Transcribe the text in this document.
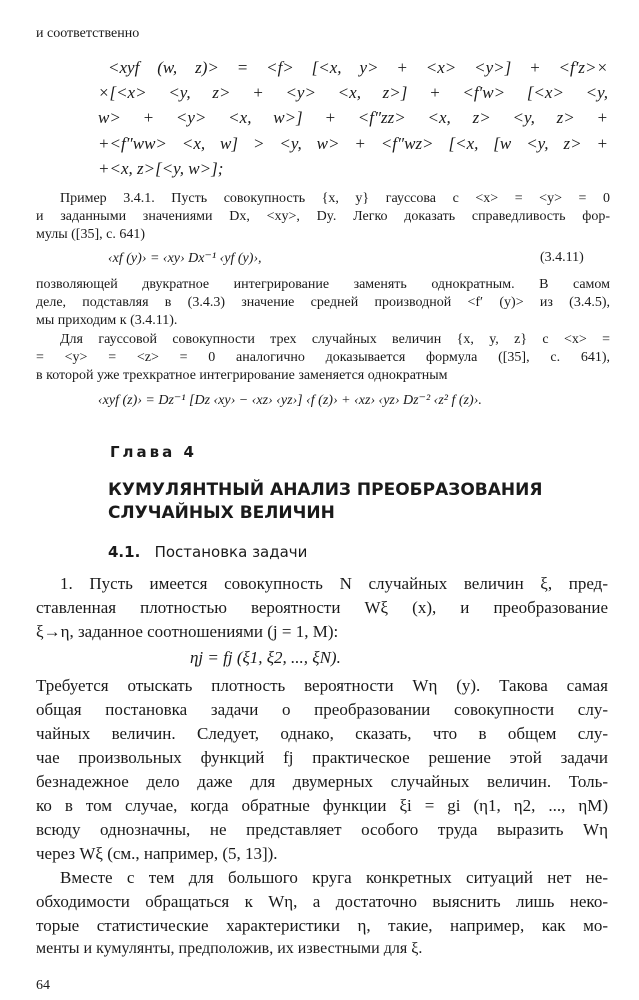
и соответственно
<xyf (w, z)> = <f> [<x, y> + <x> <y>] + <f′z>×
×[<x> <y, z> + <y> <x, z>] + <f′w> [<x> <y,
w> + <y> <x, w>] + <f″zz> <x, z> <y, z> +
+<f″ww> <x, w] > <y, w> + <f″wz> [<x, [w <y, z> +
+<x, z>[<y, w>];
Пример 3.4.1. Пусть совокупность {x, y} гауссова с <x> = <y> = 0
и заданными значениями Dx, <xy>, Dy. Легко доказать справедливость фор-
мулы ([35], с. 641)
‹xf (y)› = ‹xy› Dx⁻¹ ‹yf (y)›,	(3.4.11)
позволяющей двукратное интегрирование заменять однократным. В самом
деле, подставляя в (3.4.3) значение средней производной <f′ (y)> из (3.4.5),
мы приходим к (3.4.11).
Для гауссовой совокупности трех случайных величин {x, y, z} с <x> =
= <y> = <z> = 0 аналогично доказывается формула ([35], с. 641),
в которой уже трехкратное интегрирование заменяется однократным
‹xyf (z)› = Dz⁻¹ [Dz ‹xy› − ‹xz› ‹yz›] ‹f (z)› + ‹xz› ‹yz› Dz⁻² ‹z² f (z)›.
Глава 4
КУМУЛЯНТНЫЙ АНАЛИЗ ПРЕОБРАЗОВАНИЯ
СЛУЧАЙНЫХ ВЕЛИЧИН
4.1. Постановка задачи
1. Пусть имеется совокупность N случайных величин ξ, пред-
ставленная плотностью вероятности Wξ (x), и преобразование
ξ→η, заданное соотношениями (j = 1, M):
ηj = fj (ξ1, ξ2, ..., ξN).
Требуется отыскать плотность вероятности Wη (y). Такова самая
общая постановка задачи о преобразовании совокупности слу-
чайных величин. Следует, однако, сказать, что в общем слу-
чае произвольных функций fj практическое решение этой задачи
безнадежное дело даже для двумерных случайных величин. Толь-
ко в том случае, когда обратные функции ξi = gi (η1, η2, ..., ηM)
всюду однозначны, не представляет особого труда выразить Wη
через Wξ (см., например, (5, 13]).
Вместе с тем для большого круга конкретных ситуаций нет не-
обходимости обращаться к Wη, а достаточно выяснить лишь неко-
торые статистические характеристики η, такие, например, как мо-
менты и кумулянты, предположив, их известными для ξ.
64
